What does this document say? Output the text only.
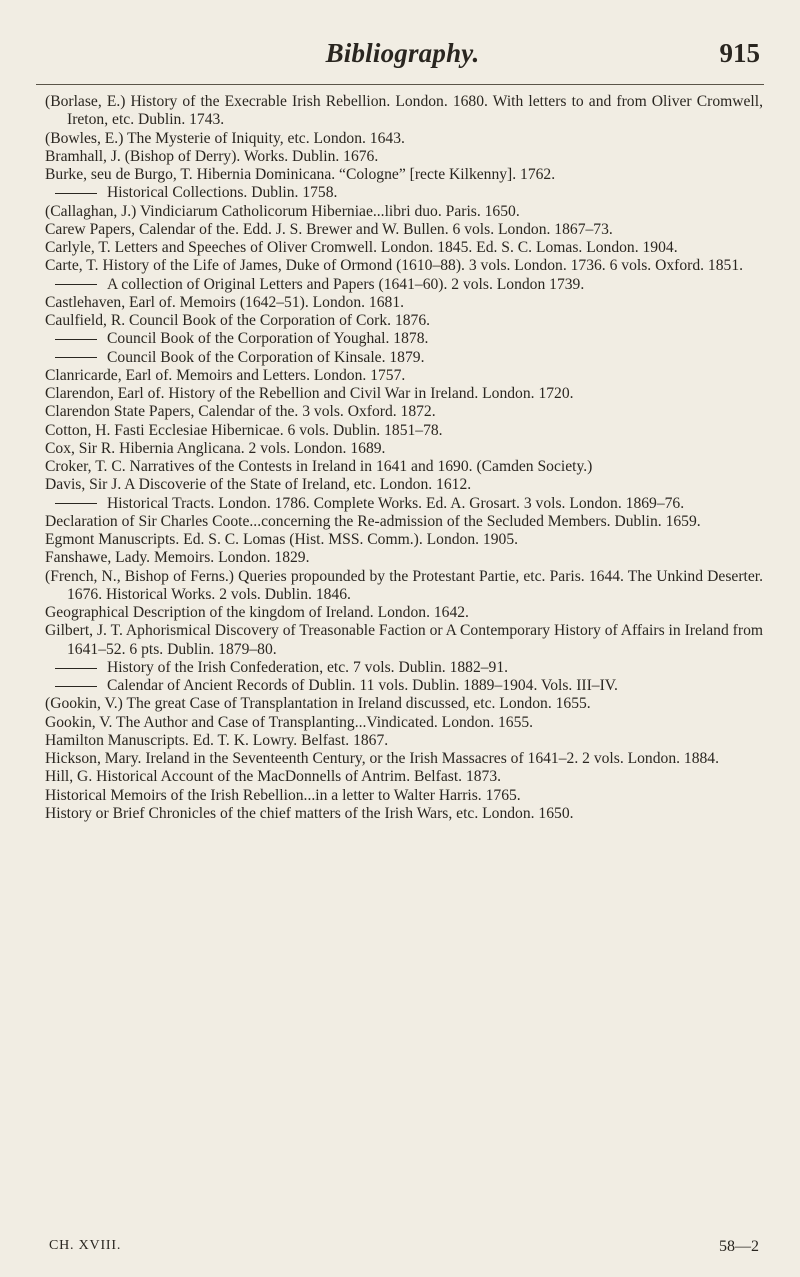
Bibliography.	915
(Borlase, E.) History of the Execrable Irish Rebellion. London. 1680. With letters to and from Oliver Cromwell, Ireton, etc. Dublin. 1743.
(Bowles, E.) The Mysterie of Iniquity, etc. London. 1643.
Bramhall, J. (Bishop of Derry). Works. Dublin. 1676.
Burke, seu de Burgo, T. Hibernia Dominicana. “Cologne” [recte Kilkenny]. 1762.
Historical Collections. Dublin. 1758.
(Callaghan, J.) Vindiciarum Catholicorum Hiberniae...libri duo. Paris. 1650.
Carew Papers, Calendar of the. Edd. J. S. Brewer and W. Bullen. 6 vols. London. 1867–73.
Carlyle, T. Letters and Speeches of Oliver Cromwell. London. 1845. Ed. S. C. Lomas. London. 1904.
Carte, T. History of the Life of James, Duke of Ormond (1610–88). 3 vols. London. 1736. 6 vols. Oxford. 1851.
A collection of Original Letters and Papers (1641–60). 2 vols. London 1739.
Castlehaven, Earl of. Memoirs (1642–51). London. 1681.
Caulfield, R. Council Book of the Corporation of Cork. 1876.
Council Book of the Corporation of Youghal. 1878.
Council Book of the Corporation of Kinsale. 1879.
Clanricarde, Earl of. Memoirs and Letters. London. 1757.
Clarendon, Earl of. History of the Rebellion and Civil War in Ireland. London. 1720.
Clarendon State Papers, Calendar of the. 3 vols. Oxford. 1872.
Cotton, H. Fasti Ecclesiae Hibernicae. 6 vols. Dublin. 1851–78.
Cox, Sir R. Hibernia Anglicana. 2 vols. London. 1689.
Croker, T. C. Narratives of the Contests in Ireland in 1641 and 1690. (Camden Society.)
Davis, Sir J. A Discoverie of the State of Ireland, etc. London. 1612.
Historical Tracts. London. 1786. Complete Works. Ed. A. Grosart. 3 vols. London. 1869–76.
Declaration of Sir Charles Coote...concerning the Re-admission of the Secluded Members. Dublin. 1659.
Egmont Manuscripts. Ed. S. C. Lomas (Hist. MSS. Comm.). London. 1905.
Fanshawe, Lady. Memoirs. London. 1829.
(French, N., Bishop of Ferns.) Queries propounded by the Protestant Partie, etc. Paris. 1644. The Unkind Deserter. 1676. Historical Works. 2 vols. Dublin. 1846.
Geographical Description of the kingdom of Ireland. London. 1642.
Gilbert, J. T. Aphorismical Discovery of Treasonable Faction or A Contemporary History of Affairs in Ireland from 1641–52. 6 pts. Dublin. 1879–80.
History of the Irish Confederation, etc. 7 vols. Dublin. 1882–91.
Calendar of Ancient Records of Dublin. 11 vols. Dublin. 1889–1904. Vols. III–IV.
(Gookin, V.) The great Case of Transplantation in Ireland discussed, etc. London. 1655.
Gookin, V. The Author and Case of Transplanting...Vindicated. London. 1655.
Hamilton Manuscripts. Ed. T. K. Lowry. Belfast. 1867.
Hickson, Mary. Ireland in the Seventeenth Century, or the Irish Massacres of 1641–2. 2 vols. London. 1884.
Hill, G. Historical Account of the MacDonnells of Antrim. Belfast. 1873.
Historical Memoirs of the Irish Rebellion...in a letter to Walter Harris. 1765.
History or Brief Chronicles of the chief matters of the Irish Wars, etc. London. 1650.
CH. XVIII.	58—2
